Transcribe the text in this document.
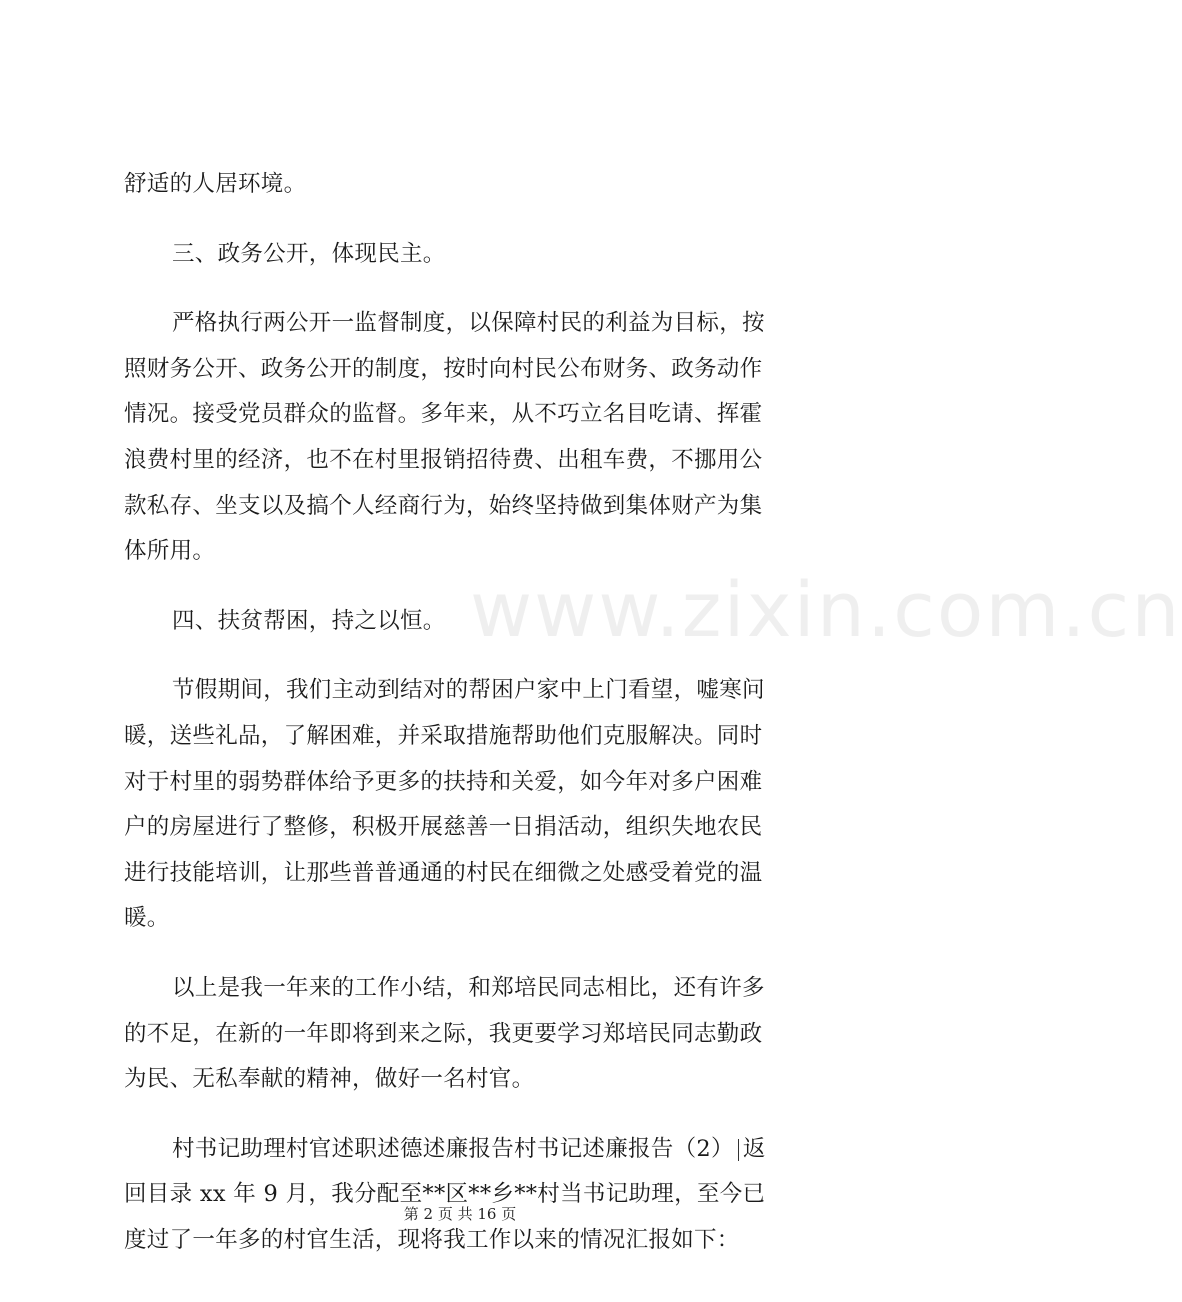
www.zixin.com.cn
舒适的人居环境。
三、政务公开，体现民主。
严格执行两公开一监督制度，以保障村民的利益为目标，按
照财务公开、政务公开的制度，按时向村民公布财务、政务动作
情况。接受党员群众的监督。多年来，从不巧立名目吃请、挥霍
浪费村里的经济，也不在村里报销招待费、出租车费，不挪用公
款私存、坐支以及搞个人经商行为，始终坚持做到集体财产为集
体所用。
四、扶贫帮困，持之以恒。
节假期间，我们主动到结对的帮困户家中上门看望，嘘寒问
暖，送些礼品，了解困难，并采取措施帮助他们克服解决。同时
对于村里的弱势群体给予更多的扶持和关爱，如今年对多户困难
户的房屋进行了整修，积极开展慈善一日捐活动，组织失地农民
进行技能培训，让那些普普通通的村民在细微之处感受着党的温
暖。
以上是我一年来的工作小结，和郑培民同志相比，还有许多
的不足，在新的一年即将到来之际，我更要学习郑培民同志勤政
为民、无私奉献的精神，做好一名村官。
村书记助理村官述职述德述廉报告村书记述廉报告（2） 返
回目录 xx 年 9 月，我分配至**区**乡**村当书记助理，至今已
度过了一年多的村官生活，现将我工作以来的情况汇报如下：
第 2 页 共 16 页
